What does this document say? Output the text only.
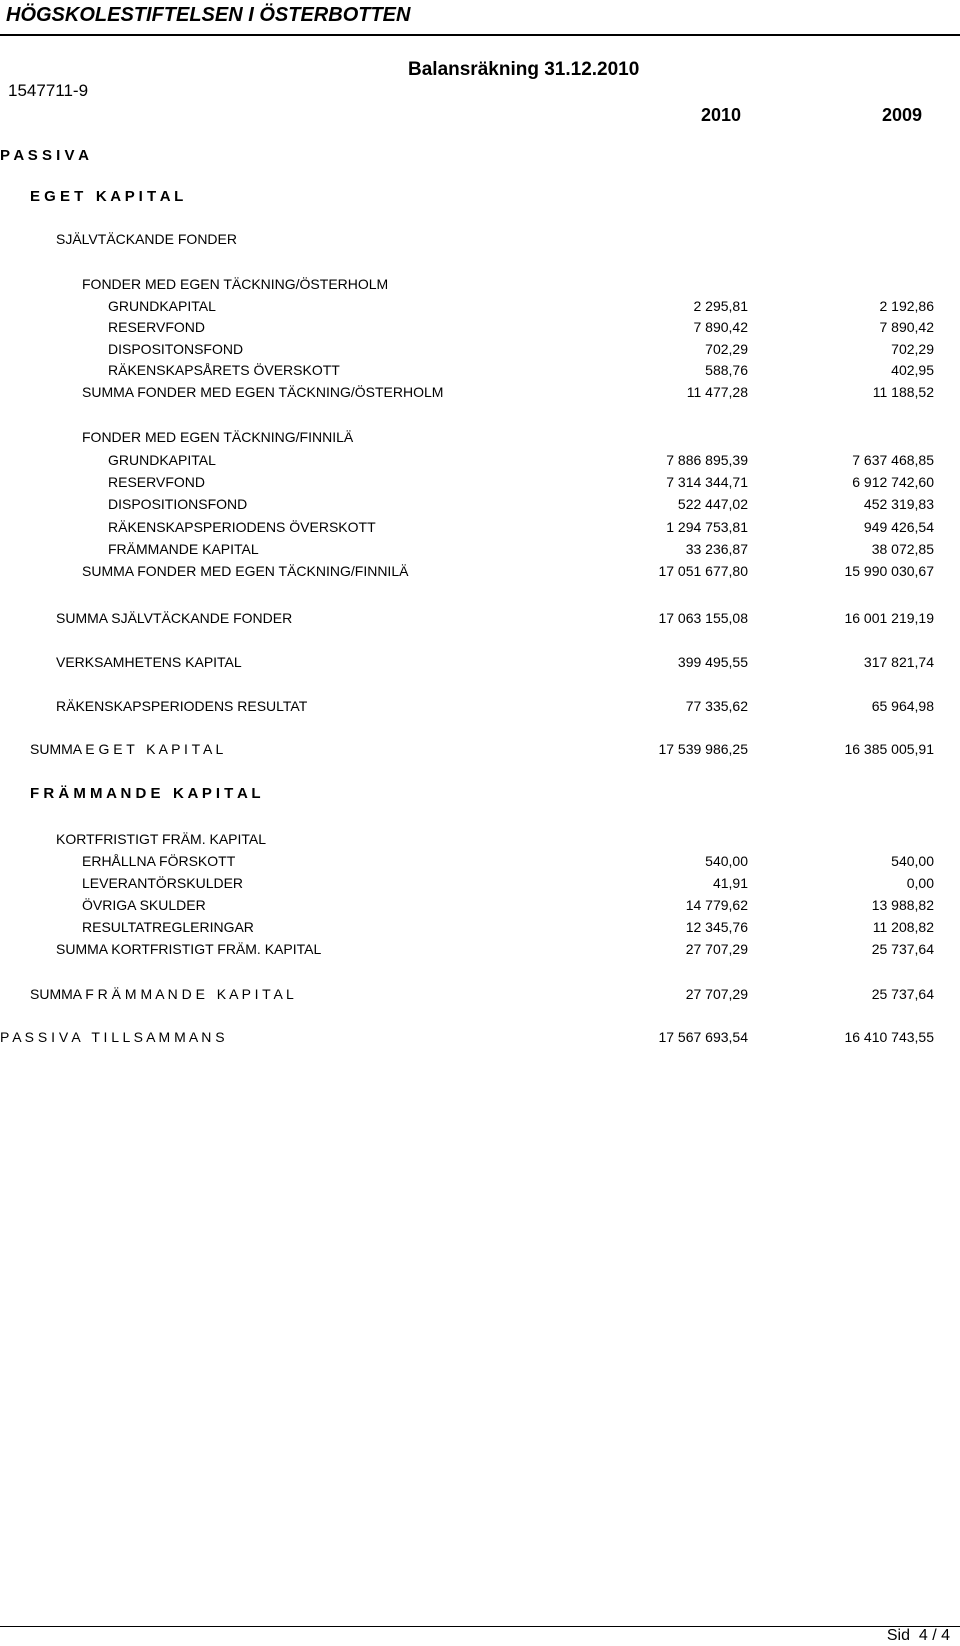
HÖGSKOLESTIFTELSEN I ÖSTERBOTTEN
Balansräkning 31.12.2010
1547711-9
2010	2009
P A S S I V A
E G E T   K A P I T A L
SJÄLVTÄCKANDE FONDER
FONDER MED EGEN TÄCKNING/ÖSTERHOLM
GRUNDKAPITAL	2 295,81	2 192,86
RESERVFOND	7 890,42	7 890,42
DISPOSITONSFOND	702,29	702,29
RÄKENSKAPSÅRETS ÖVERSKOTT	588,76	402,95
SUMMA FONDER MED EGEN TÄCKNING/ÖSTERHOLM	11 477,28	11 188,52
FONDER MED EGEN TÄCKNING/FINNILÄ
GRUNDKAPITAL	7 886 895,39	7 637 468,85
RESERVFOND	7 314 344,71	6 912 742,60
DISPOSITIONSFOND	522 447,02	452 319,83
RÄKENSKAPSPERIODENS ÖVERSKOTT	1 294 753,81	949 426,54
FRÄMMANDE KAPITAL	33 236,87	38 072,85
SUMMA FONDER MED EGEN TÄCKNING/FINNILÄ	17 051 677,80	15 990 030,67
SUMMA SJÄLVTÄCKANDE FONDER	17 063 155,08	16 001 219,19
VERKSAMHETENS KAPITAL	399 495,55	317 821,74
RÄKENSKAPSPERIODENS RESULTAT	77 335,62	65 964,98
SUMMA E G E T   K A P I T A L	17 539 986,25	16 385 005,91
F R Ä M M A N D E   K A P I T A L
KORTFRISTIGT FRÄM. KAPITAL
ERHÅLLNA FÖRSKOTT	540,00	540,00
LEVERANTÖRSKULDER	41,91	0,00
ÖVRIGA SKULDER	14 779,62	13 988,82
RESULTATREGLERINGAR	12 345,76	11 208,82
SUMMA KORTFRISTIGT FRÄM. KAPITAL	27 707,29	25 737,64
SUMMA F R Ä M M A N D E   K A P I T A L	27 707,29	25 737,64
P A S S I V A   T I L L S A M M A N S	17 567 693,54	16 410 743,55
Sid  4 / 4
